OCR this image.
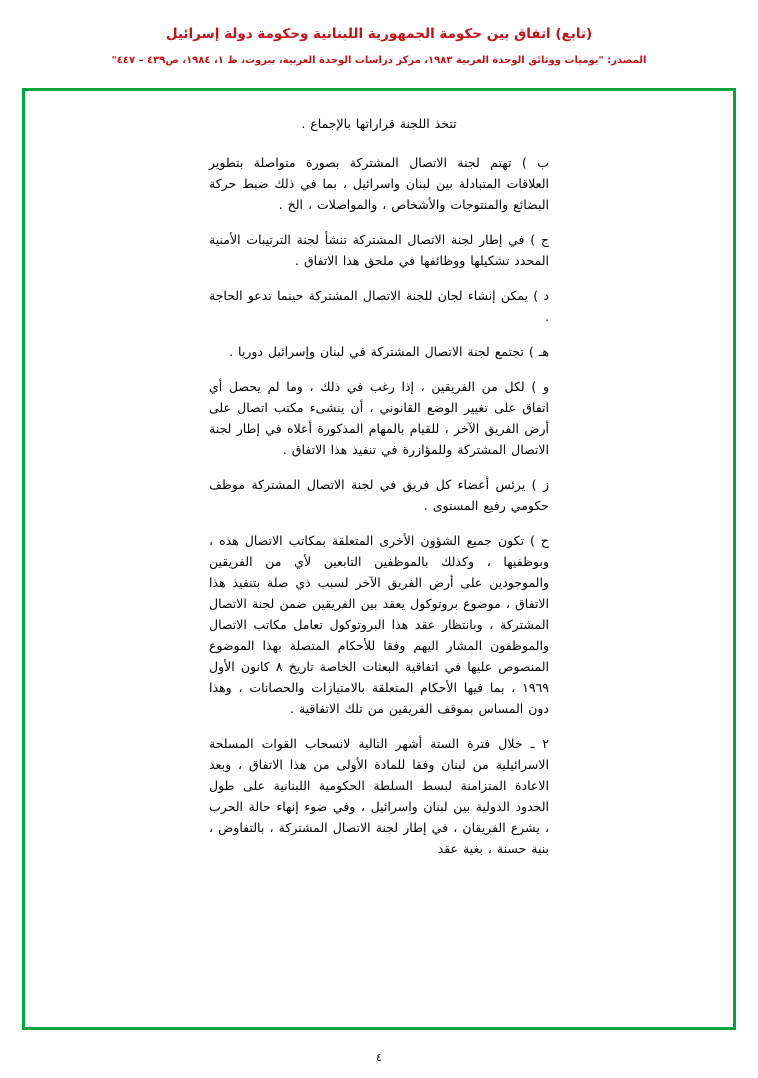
(تابع) اتفاق بين حكومة الجمهورية اللبنانية وحكومة دولة إسرائيل
المصدر: "يوميات ووثائق الوحدة العربية ١٩٨٣، مركز دراسات الوحدة العربية، بيروت، ط ١، ١٩٨٤، ص٤٣٩ – ٤٤٧"

تتخذ اللجنة قراراتها بالإجماع .

ب ) تهتم لجنة الاتصال المشتركة بصورة متواصلة بتطوير العلاقات المتبادلة بين لبنان واسرائيل ، بما في ذلك ضبط حركة البضائع والمنتوجات والأشخاص ، والمواصلات ، الخ .

ج ) في إطار لجنة الاتصال المشتركة تنشأ لجنة الترتيبات الأمنية المحدد تشكيلها ووظائفها في ملحق هذا الاتفاق .

د ) يمكن إنشاء لجان للجنة الاتصال المشتركة حينما تدعو الحاجة .

هـ ) تجتمع لجنة الاتصال المشتركة في لبنان وإسرائيل دوريا .

و ) لكل من الفريقين ، إذا رغب في ذلك ، وما لم يحصل أي اتفاق على تغيير الوضع القانوني ، أن ينشىء مكتب اتصال على أرض الفريق الآخر ، للقيام بالمهام المذكورة أعلاه في إطار لجنة الاتصال المشتركة وللمؤازرة في تنفيذ هذا الاتفاق .

ز ) يرئس أعضاء كل فريق في لجنة الاتصال المشتركة موظف حكومي رفيع المستوى .

ح ) تكون جميع الشؤون الأخرى المتعلقة بمكاتب الاتصال هذه ، وبوظفيها ، وكذلك بالموظفين التابعين لأي من الفريقين والموجودين على أرض الفريق الآخر لسبب ذي صلة بتنفيذ هذا الاتفاق ، موضوع بروتوكول يعقد بين الفريقين ضمن لجنة الاتصال المشتركة ، وبانتظار عقد هذا البروتوكول تعامل مكاتب الاتصال والموظفون المشار اليهم وفقا للأحكام المتصلة بهذا الموضوع المنصوص عليها في اتفاقية البعثات الخاصة تاريخ ٨ كانون الأول ١٩٦٩ ، بما فيها الأحكام المتعلقة بالامتيازات والحصانات ، وهذا دون المساس بموقف الفريقين من تلك الاتفاقية .

٢ ـ خلال فترة الستة أشهر التالية لانسحاب القوات المسلحة الاسرائيلية من لبنان وفقا للمادة الأولى من هذا الاتفاق ، وبعد الاعادة المتزامنة لبسط السلطة الحكومية اللبنانية على طول الحدود الدولية بين لبنان واسرائيل ، وفي ضوء إنهاء حالة الحرب ، يشرع الفريقان ، في إطار لجنة الاتصال المشتركة ، بالتفاوض ، بنية حسنة ، بغية عقد

٤
